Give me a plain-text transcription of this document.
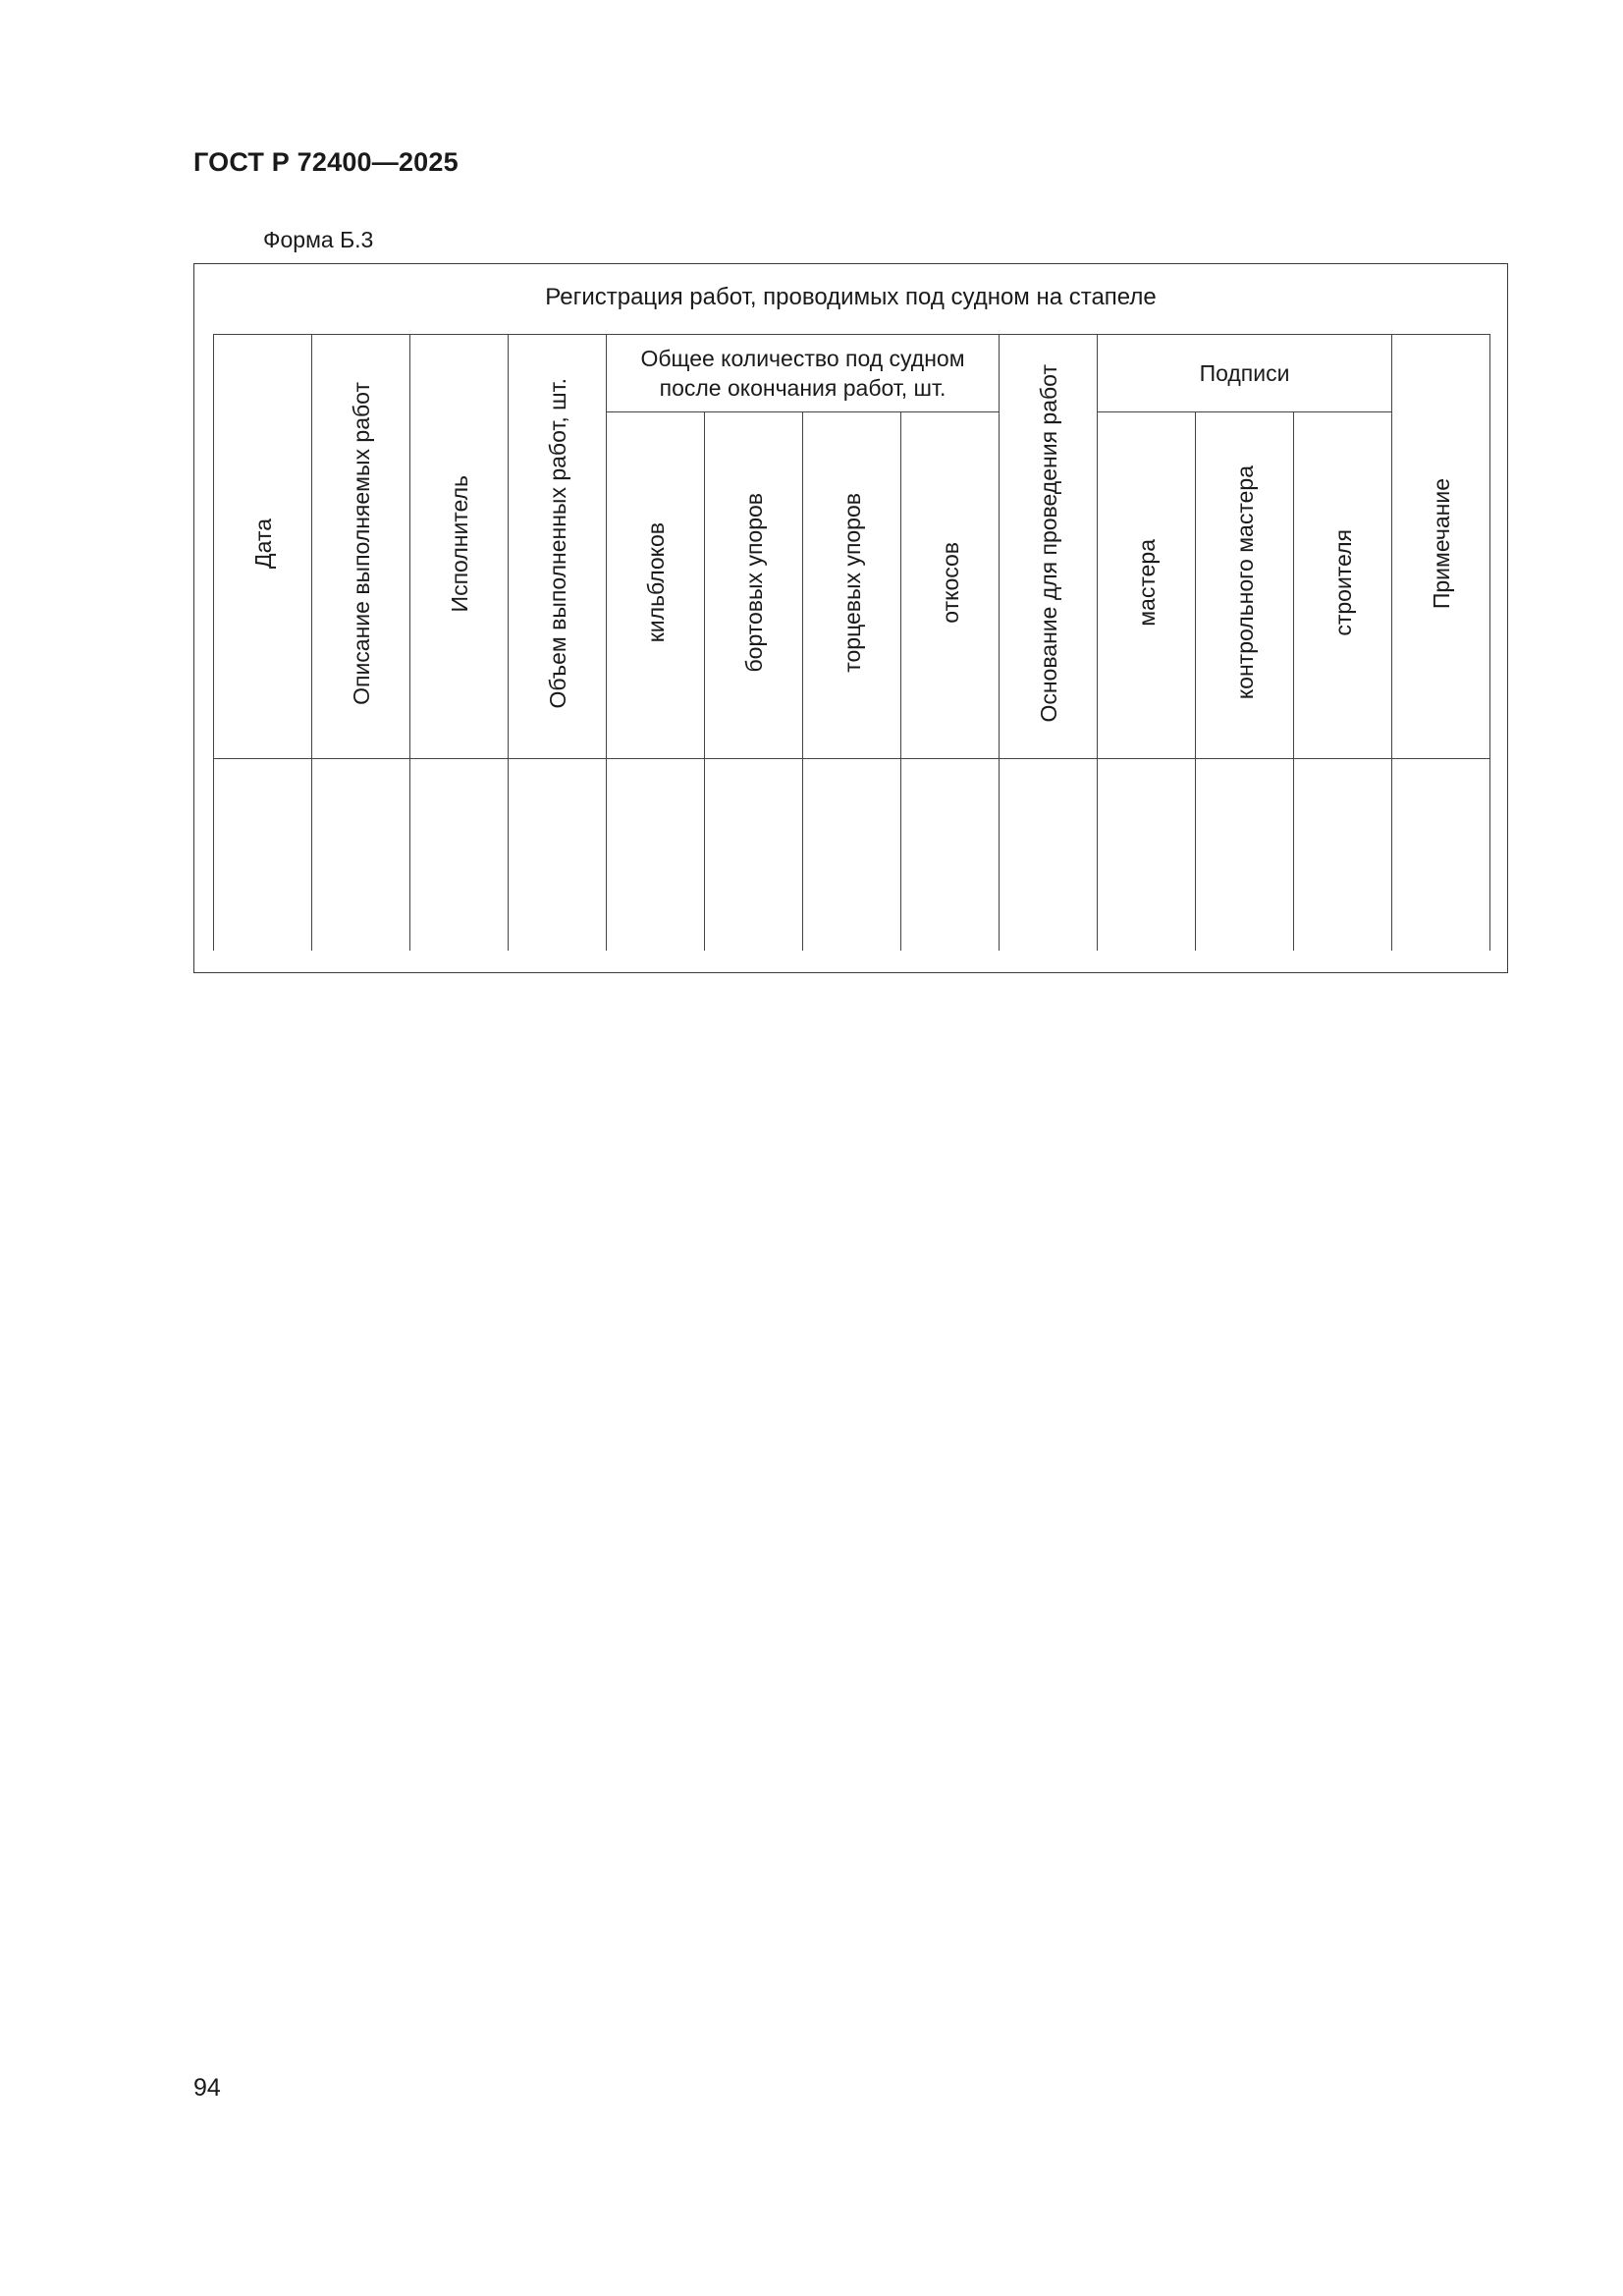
ГОСТ Р 72400—2025
Форма Б.3
Регистрация работ, проводимых под судном на стапеле
Дата	Описание выполняемых работ	Исполнитель	Объем выполненных работ, шт.	Общее количество под судном после окончания работ, шт.				Основание для проведения работ	Подписи			Примечание
				кильблоков	бортовых упоров	торцевых упоров	откосов		мастера	контрольного мастера	строителя	

94
